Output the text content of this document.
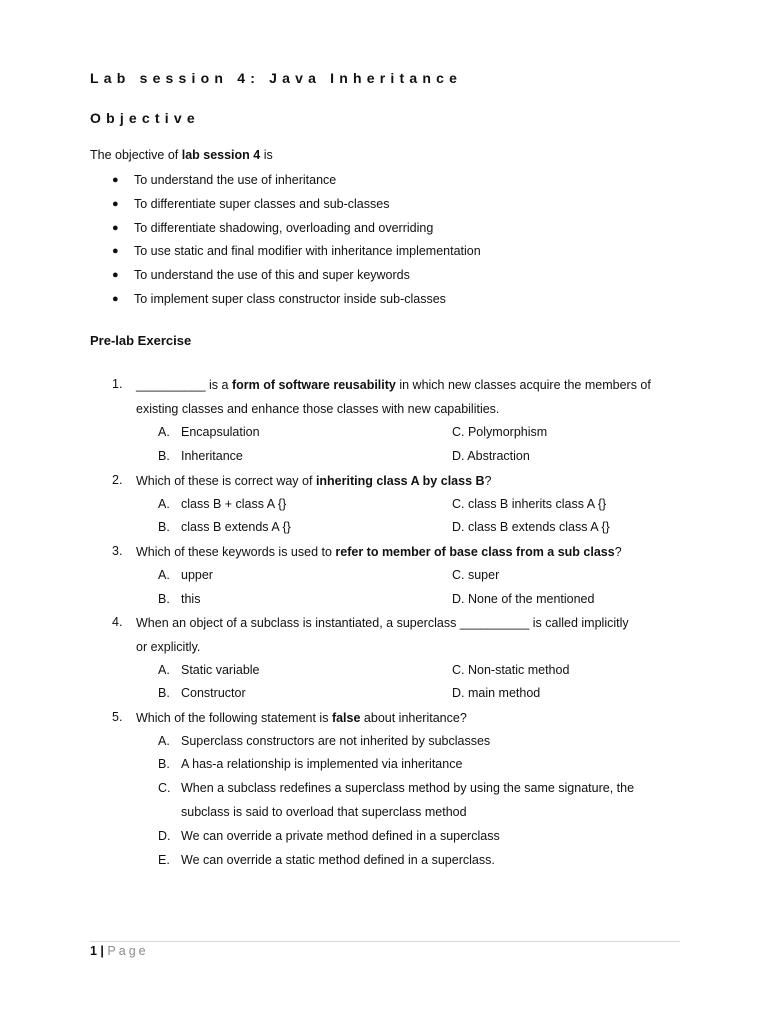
Lab session 4: Java Inheritance
Objective
The objective of lab session 4 is
●	To understand the use of inheritance
●	To differentiate super classes and sub-classes
●	To differentiate shadowing, overloading and overriding
●	To use static and final modifier with inheritance implementation
●	To understand the use of this and super keywords
●	To implement super class constructor inside sub-classes
Pre-lab Exercise
1. __________ is a form of software reusability in which new classes acquire the members of
existing classes and enhance those classes with new capabilities.
A. Encapsulation	C. Polymorphism
B. Inheritance	D. Abstraction
2. Which of these is correct way of inheriting class A by class B?
A. class B + class A {}	C. class B inherits class A {}
B. class B extends A {}	D. class B extends class A {}
3. Which of these keywords is used to refer to member of base class from a sub class?
A. upper	C. super
B. this	D. None of the mentioned
4. When an object of a subclass is instantiated, a superclass __________ is called implicitly
or explicitly.
A. Static variable	C. Non-static method
B. Constructor	D. main method
5. Which of the following statement is false about inheritance?
A. Superclass constructors are not inherited by subclasses
B. A has-a relationship is implemented via inheritance
C. When a subclass redefines a superclass method by using the same signature, the
subclass is said to overload that superclass method
D. We can override a private method defined in a superclass
E. We can override a static method defined in a superclass.
1 | Page
